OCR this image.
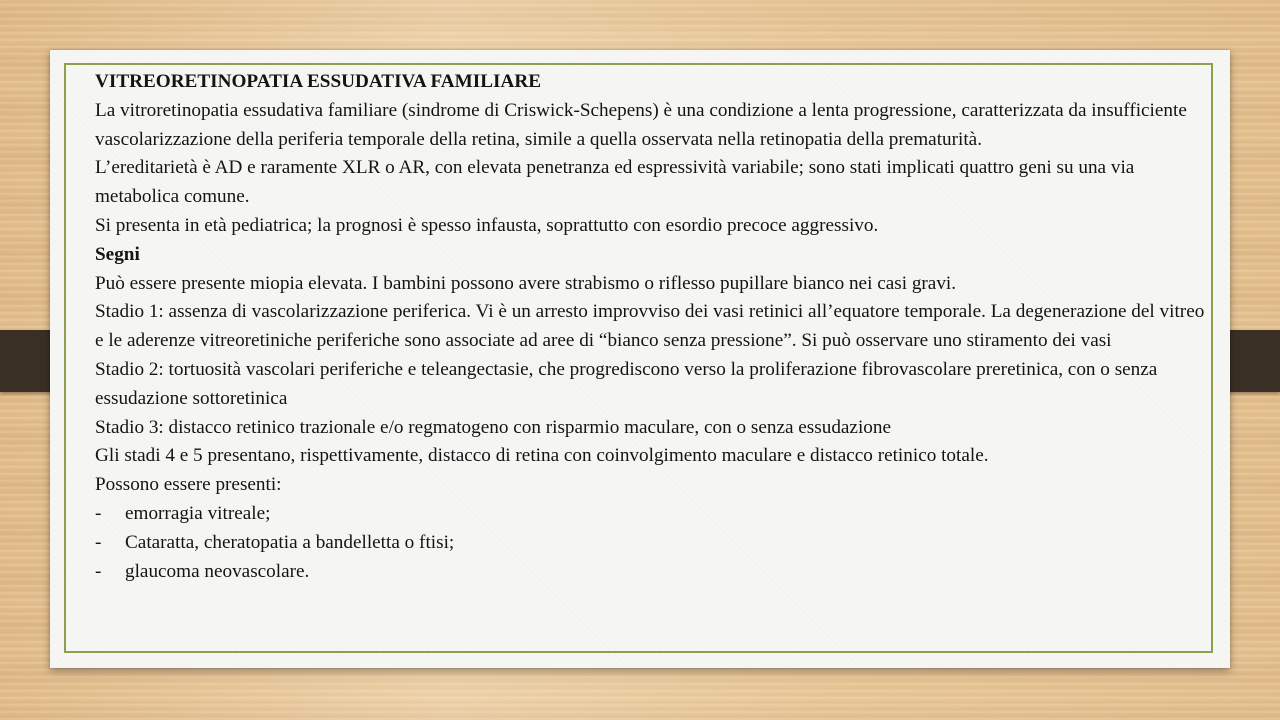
VITREORETINOPATIA ESSUDATIVA FAMILIARE

La vitroretinopatia essudativa familiare (sindrome di Criswick-Schepens) è una condizione a lenta progressione, caratterizzata da insufficiente vascolarizzazione della periferia temporale della retina, simile a quella osservata nella retinopatia della prematurità.

L’ereditarietà è AD e raramente XLR o AR, con elevata penetranza ed espressività variabile; sono stati implicati quattro geni su una via metabolica comune.

Si presenta in età pediatrica; la prognosi è spesso infausta, soprattutto con esordio precoce aggressivo.

Segni

Può essere presente miopia elevata. I bambini possono avere strabismo o riflesso pupillare bianco nei casi gravi.

Stadio 1: assenza di vascolarizzazione periferica. Vi è un arresto improvviso dei vasi retinici all’equatore temporale. La degenerazione del vitreo e le aderenze vitreoretiniche periferiche sono associate ad aree di “bianco senza pressione”. Si può osservare uno stiramento dei vasi

Stadio 2: tortuosità vascolari periferiche e teleangectasie, che progrediscono verso la proliferazione fibrovascolare preretinica, con o senza essudazione sottoretinica

Stadio 3: distacco retinico trazionale e/o regmatogeno con risparmio maculare, con o senza essudazione

Gli stadi 4 e 5 presentano, rispettivamente, distacco di retina con coinvolgimento maculare e distacco retinico totale.

Possono essere presenti:

-	emorragia vitreale;
-	Cataratta, cheratopatia a bandelletta o ftisi;
-	glaucoma neovascolare.
